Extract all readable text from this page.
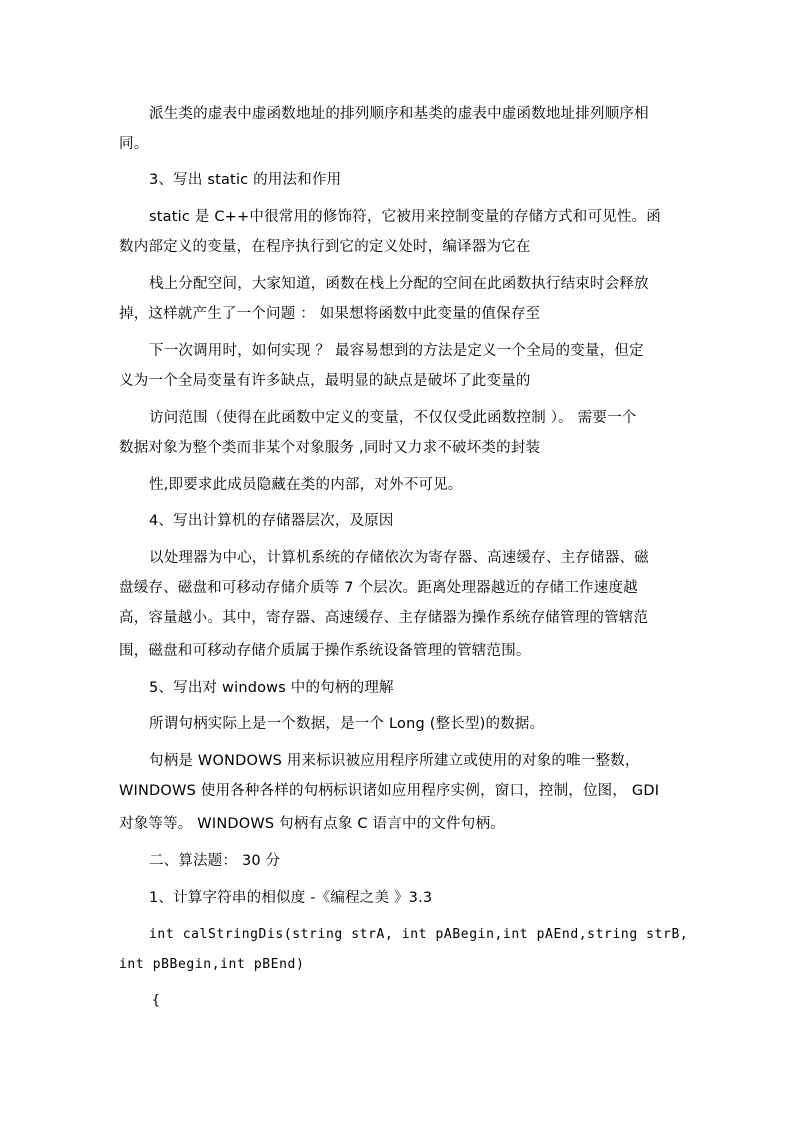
派生类的虚表中虚函数地址的排列顺序和基类的虚表中虚函数地址排列顺序相
同。
3、写出 static 的用法和作用
static 是 C++中很常用的修饰符，它被用来控制变量的存储方式和可见性。函
数内部定义的变量，在程序执行到它的定义处时，编译器为它在
栈上分配空间，大家知道，函数在栈上分配的空间在此函数执行结束时会释放
掉，这样就产生了一个问题 ： 如果想将函数中此变量的值保存至
下一次调用时，如何实现 ？ 最容易想到的方法是定义一个全局的变量，但定
义为一个全局变量有许多缺点，最明显的缺点是破坏了此变量的
访问范围（使得在此函数中定义的变量，不仅仅受此函数控制 ）。 需要一个
数据对象为整个类而非某个对象服务 ,同时又力求不破坏类的封装
性,即要求此成员隐藏在类的内部，对外不可见。
4、写出计算机的存储器层次，及原因
以处理器为中心，计算机系统的存储依次为寄存器、高速缓存、主存储器、磁
盘缓存、磁盘和可移动存储介质等 7 个层次。距离处理器越近的存储工作速度越
高，容量越小。其中，寄存器、高速缓存、主存储器为操作系统存储管理的管辖范
围，磁盘和可移动存储介质属于操作系统设备管理的管辖范围。
5、写出对 windows 中的句柄的理解
所谓句柄实际上是一个数据，是一个 Long (整长型)的数据。
句柄是 WONDOWS 用来标识被应用程序所建立或使用的对象的唯一整数，
WINDOWS 使用各种各样的句柄标识诸如应用程序实例，窗口，控制，位图， GDI
对象等等。 WINDOWS 句柄有点象 C 语言中的文件句柄。
二、算法题： 30 分
1、计算字符串的相似度 -《编程之美 》3.3
int calStringDis(string strA, int pABegin,int pAEnd,string strB,
int pBBegin,int pBEnd)
{
